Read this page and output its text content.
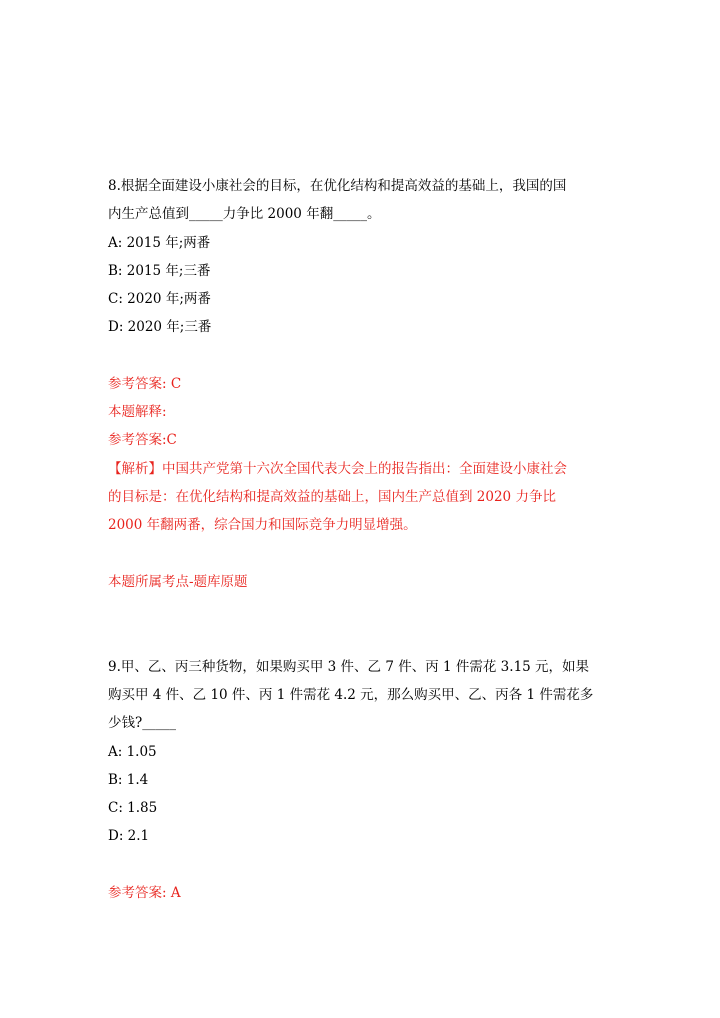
8.根据全面建设小康社会的目标，在优化结构和提高效益的基础上，我国的国
内生产总值到_____力争比 2000 年翻_____。
A: 2015 年;两番
B: 2015 年;三番
C: 2020 年;两番
D: 2020 年;三番
参考答案: C
本题解释:
参考答案:C
【解析】中国共产党第十六次全国代表大会上的报告指出：全面建设小康社会
的目标是：在优化结构和提高效益的基础上，国内生产总值到 2020 力争比
2000 年翻两番，综合国力和国际竞争力明显增强。
本题所属考点-题库原题
9.甲、乙、丙三种货物，如果购买甲 3 件、乙 7 件、丙 1 件需花 3.15 元，如果
购买甲 4 件、乙 10 件、丙 1 件需花 4.2 元，那么购买甲、乙、丙各 1 件需花多
少钱?_____
A: 1.05
B: 1.4
C: 1.85
D: 2.1
参考答案: A
